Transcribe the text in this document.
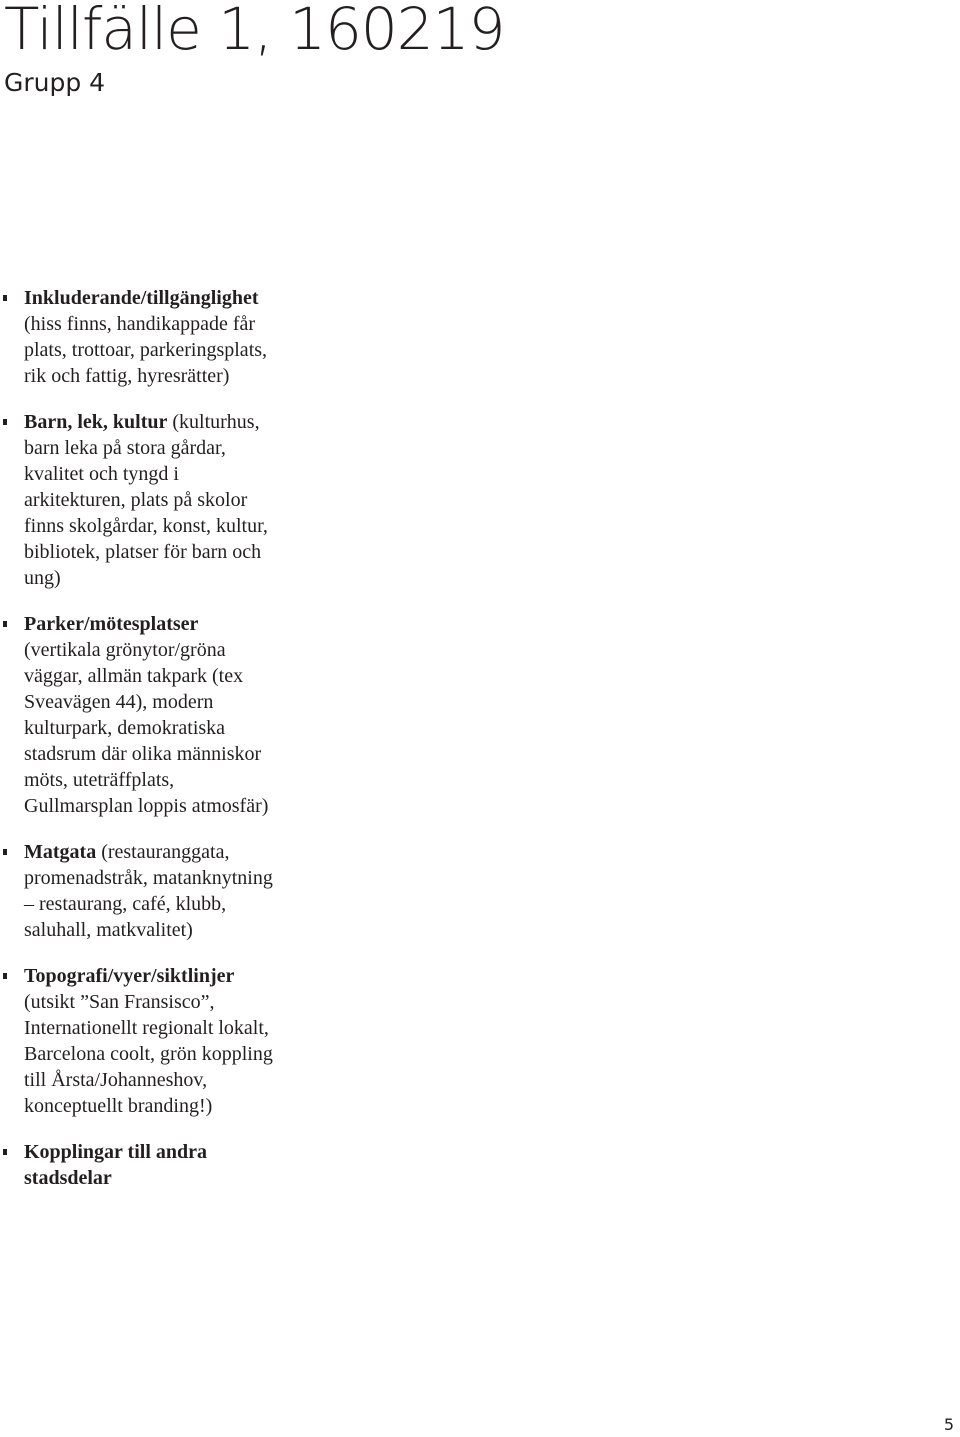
Tillfälle 1, 160219
Grupp 4
Inkluderande/tillgänglighet
(hiss finns, handikappade får
plats, trottoar, parkeringsplats,
rik och fattig, hyresrätter)
Barn, lek, kultur (kulturhus,
barn leka på stora gårdar,
kvalitet och tyngd i
arkitekturen, plats på skolor
finns skolgårdar, konst, kultur,
bibliotek, platser för barn och
ung)
Parker/mötesplatser
(vertikala grönytor/gröna
väggar, allmän takpark (tex
Sveavägen 44), modern
kulturpark, demokratiska
stadsrum där olika människor
möts, uteträffplats,
Gullmarsplan loppis atmosfär)
Matgata (restauranggata,
promenadstråk, matanknytning
– restaurang, café, klubb,
saluhall, matkvalitet)
Topografi/vyer/siktlinjer
(utsikt ”San Fransisco”,
Internationellt regionalt lokalt,
Barcelona coolt, grön koppling
till Årsta/Johanneshov,
konceptuellt branding!)
Kopplingar till andra
stadsdelar
5
